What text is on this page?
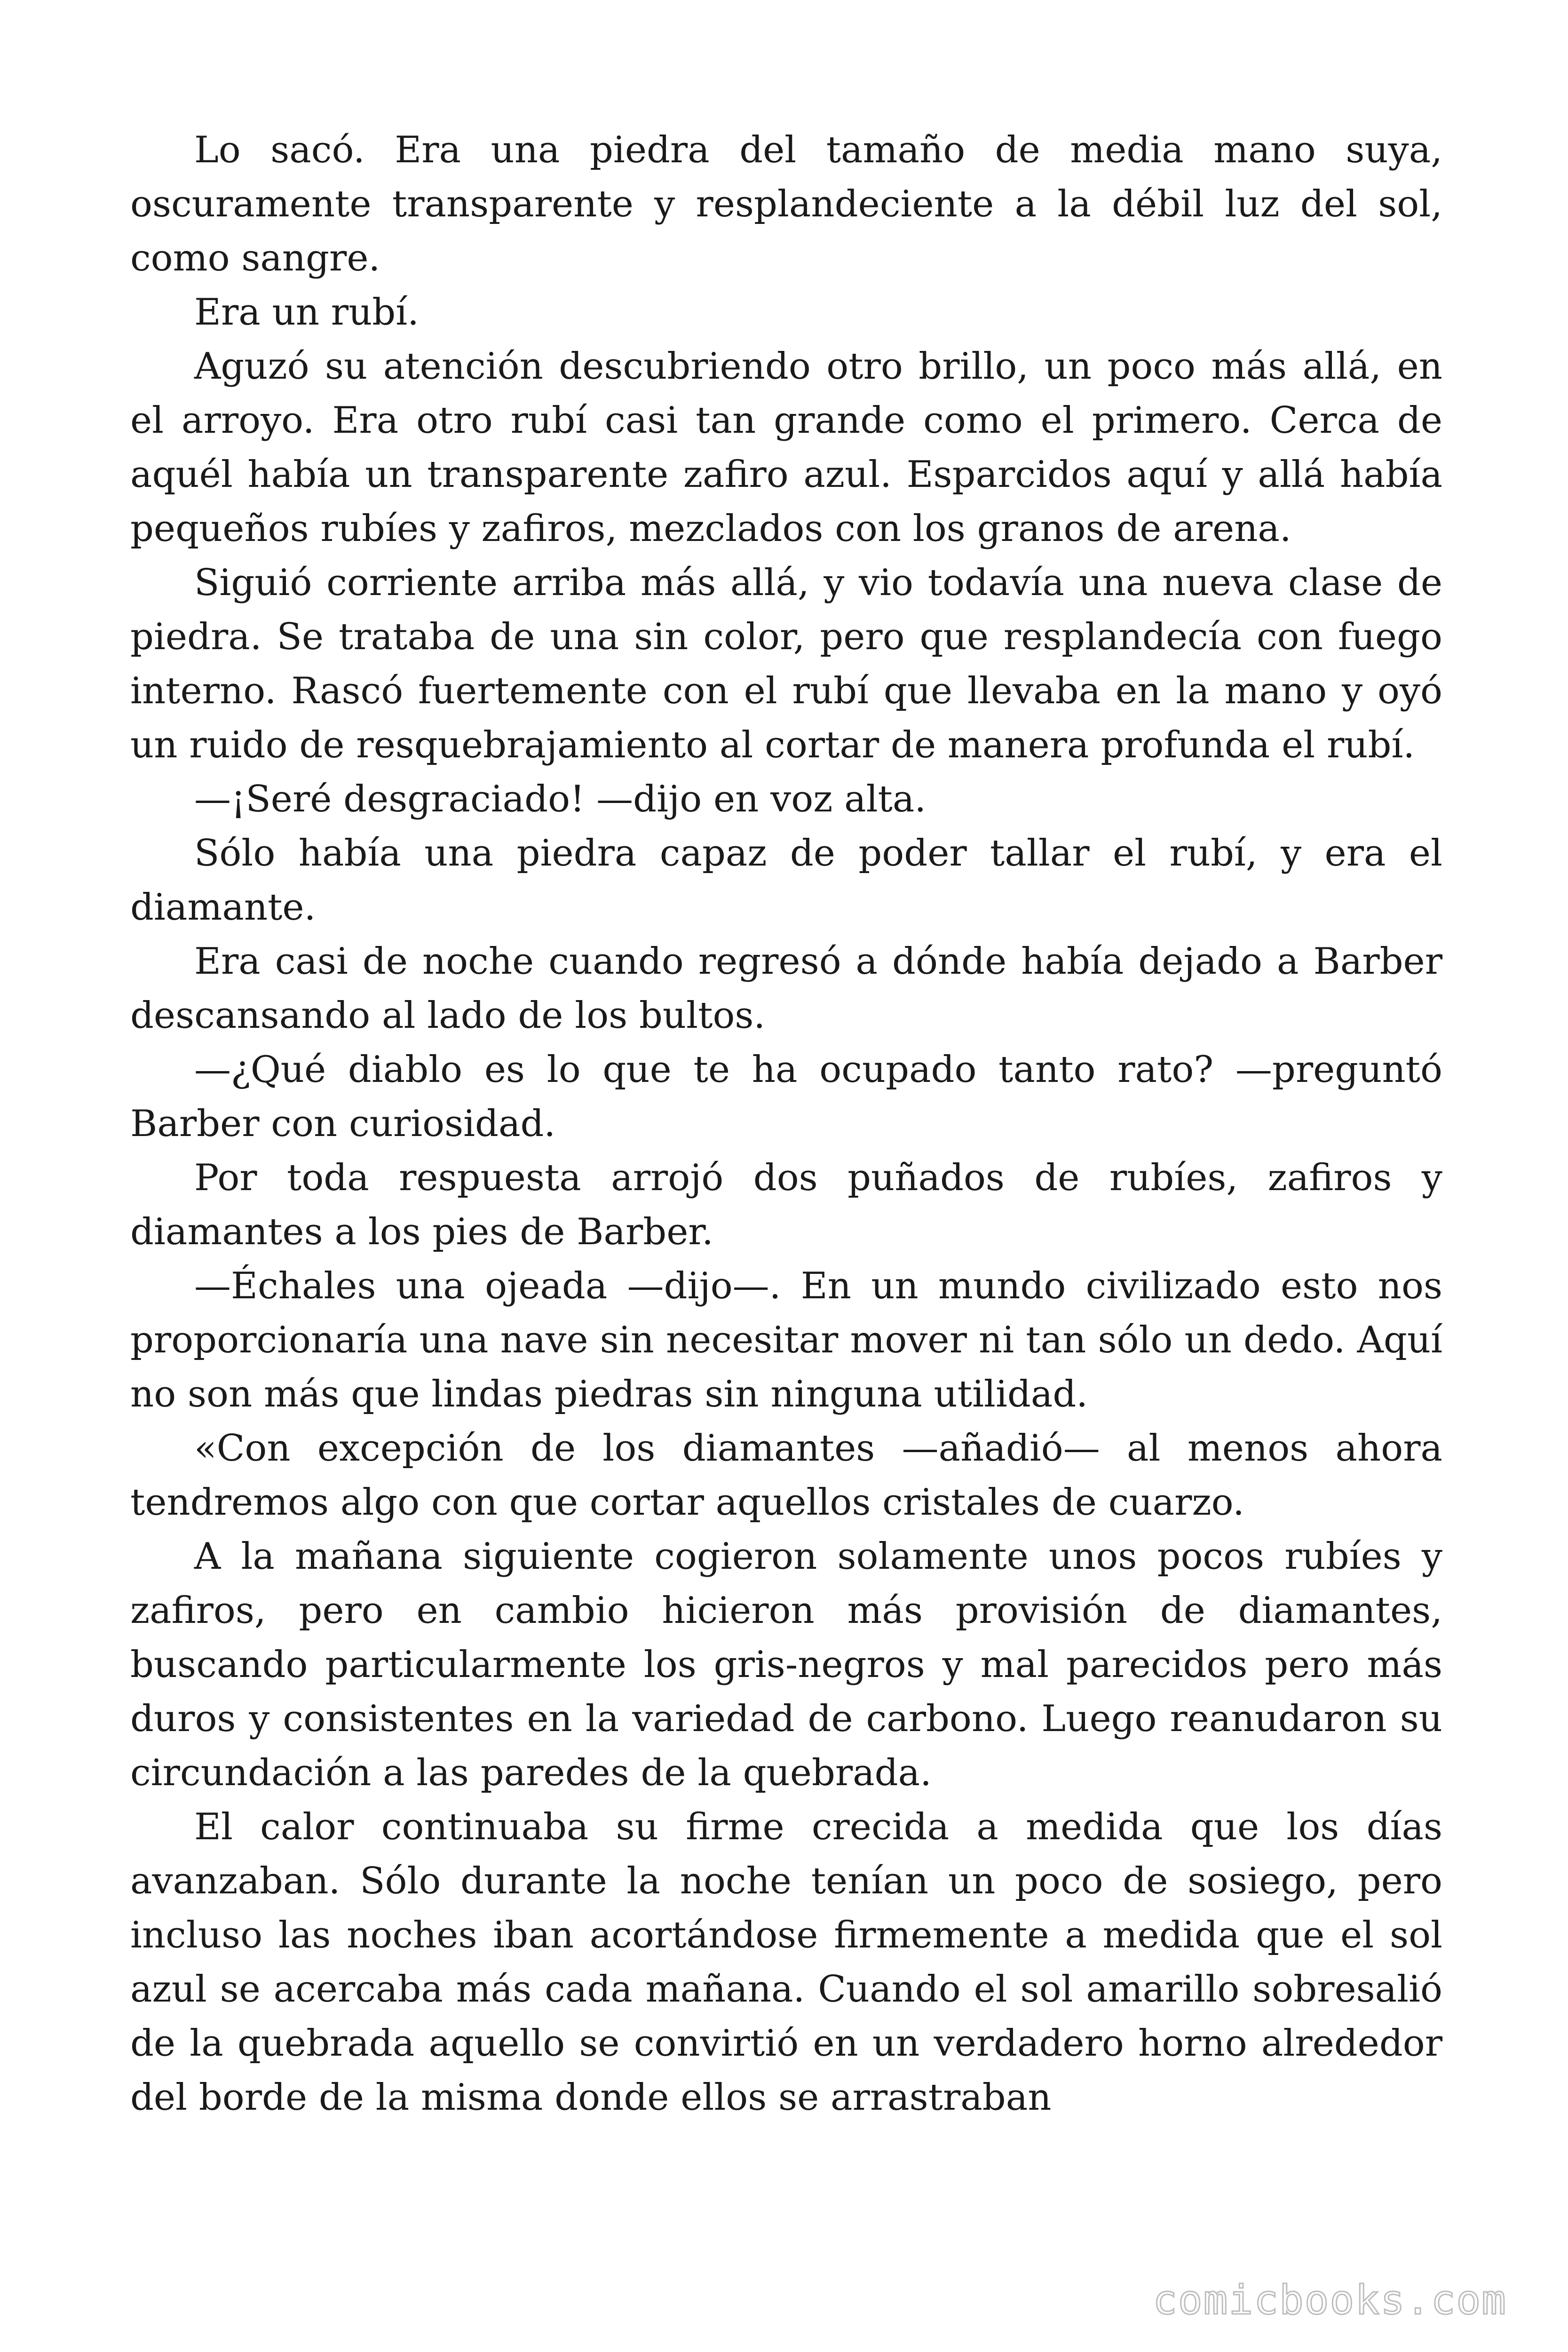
Lo sacó. Era una piedra del tamaño de media mano suya, oscuramente transparente y resplandeciente a la débil luz del sol, como sangre.

Era un rubí.

Aguzó su atención descubriendo otro brillo, un poco más allá, en el arroyo. Era otro rubí casi tan grande como el primero. Cerca de aquél había un transparente zafiro azul. Esparcidos aquí y allá había pequeños rubíes y zafiros, mezclados con los granos de arena.

Siguió corriente arriba más allá, y vio todavía una nueva clase de piedra. Se trataba de una sin color, pero que resplandecía con fuego interno. Rascó fuertemente con el rubí que llevaba en la mano y oyó un ruido de resquebrajamiento al cortar de manera profunda el rubí.

—¡Seré desgraciado! —dijo en voz alta.

Sólo había una piedra capaz de poder tallar el rubí, y era el diamante.

Era casi de noche cuando regresó a dónde había dejado a Barber descansando al lado de los bultos.

—¿Qué diablo es lo que te ha ocupado tanto rato? —preguntó Barber con curiosidad.

Por toda respuesta arrojó dos puñados de rubíes, zafiros y diamantes a los pies de Barber.

—Échales una ojeada —dijo—. En un mundo civilizado esto nos proporcionaría una nave sin necesitar mover ni tan sólo un dedo. Aquí no son más que lindas piedras sin ninguna utilidad.

«Con excepción de los diamantes —añadió— al menos ahora tendremos algo con que cortar aquellos cristales de cuarzo.

A la mañana siguiente cogieron solamente unos pocos rubíes y zafiros, pero en cambio hicieron más provisión de diamantes, buscando particularmente los gris-negros y mal parecidos pero más duros y consistentes en la variedad de carbono. Luego reanudaron su circundación a las paredes de la quebrada.

El calor continuaba su firme crecida a medida que los días avanzaban. Sólo durante la noche tenían un poco de sosiego, pero incluso las noches iban acortándose firmemente a medida que el sol azul se acercaba más cada mañana. Cuando el sol amarillo sobresalió de la quebrada aquello se convirtió en un verdadero horno alrededor del borde de la misma donde ellos se arrastraban

comicbooks.com
